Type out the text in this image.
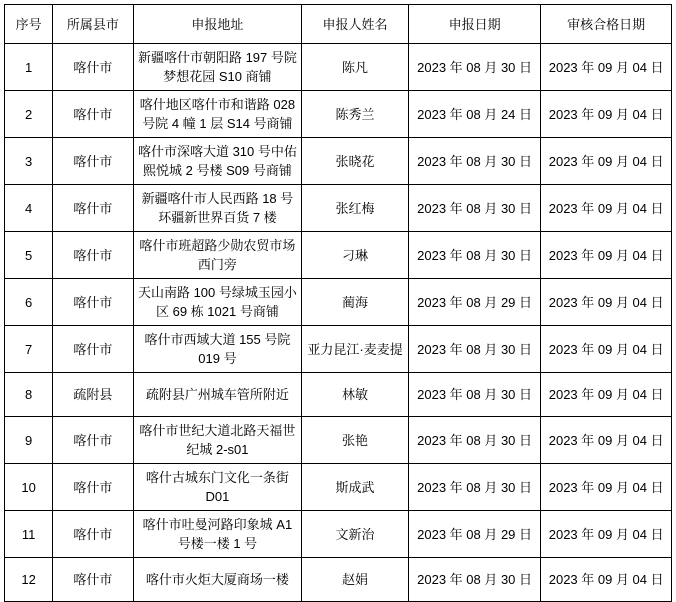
序号	所属县市	申报地址	申报人姓名	申报日期	审核合格日期
1	喀什市	新疆喀什市朝阳路 197 号院梦想花园 S10 商铺	陈凡	2023 年 08 月 30 日	2023 年 09 月 04 日
2	喀什市	喀什地区喀什市和谐路 028 号院 4 幢 1 层 S14 号商铺	陈秀兰	2023 年 08 月 24 日	2023 年 09 月 04 日
3	喀什市	喀什市深喀大道 310 号中佑熙悦城 2 号楼 S09 号商铺	张晓花	2023 年 08 月 30 日	2023 年 09 月 04 日
4	喀什市	新疆喀什市人民西路 18 号环疆新世界百货 7 楼	张红梅	2023 年 08 月 30 日	2023 年 09 月 04 日
5	喀什市	喀什市班超路少勋农贸市场西门旁	刁琳	2023 年 08 月 30 日	2023 年 09 月 04 日
6	喀什市	天山南路 100 号绿城玉园小区 69 栋 1021 号商铺	蔺海	2023 年 08 月 29 日	2023 年 09 月 04 日
7	喀什市	喀什市西域大道 155 号院 019 号	亚力昆江·麦麦提	2023 年 08 月 30 日	2023 年 09 月 04 日
8	疏附县	疏附县广州城车管所附近	林敏	2023 年 08 月 30 日	2023 年 09 月 04 日
9	喀什市	喀什市世纪大道北路天福世纪城 2-s01	张艳	2023 年 08 月 30 日	2023 年 09 月 04 日
10	喀什市	喀什古城东门文化一条街 D01	斯成武	2023 年 08 月 30 日	2023 年 09 月 04 日
11	喀什市	喀什市吐曼河路印象城 A1 号楼一楼 1 号	文新治	2023 年 08 月 29 日	2023 年 09 月 04 日
12	喀什市	喀什市火炬大厦商场一楼	赵娟	2023 年 08 月 30 日	2023 年 09 月 04 日
